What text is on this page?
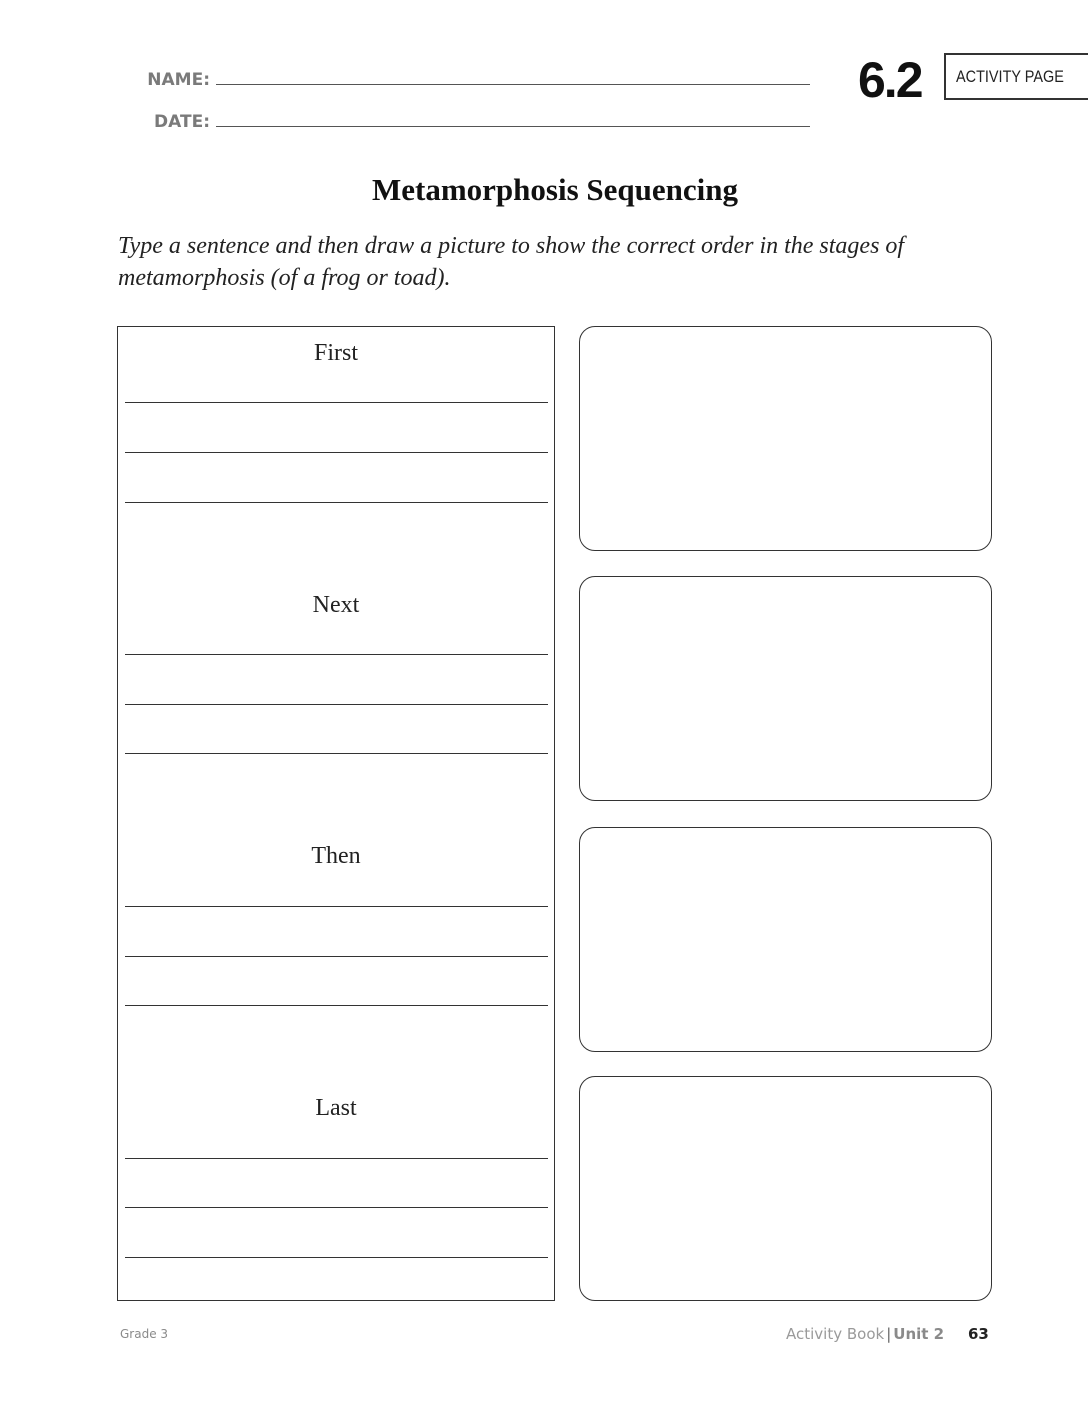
NAME:
DATE:
6.2 ACTIVITY PAGE
Metamorphosis Sequencing
Type a sentence and then draw a picture to show the correct order in the stages of metamorphosis (of a frog or toad).
First
Next
Then
Last
Grade 3	Activity Book | Unit 2 63
